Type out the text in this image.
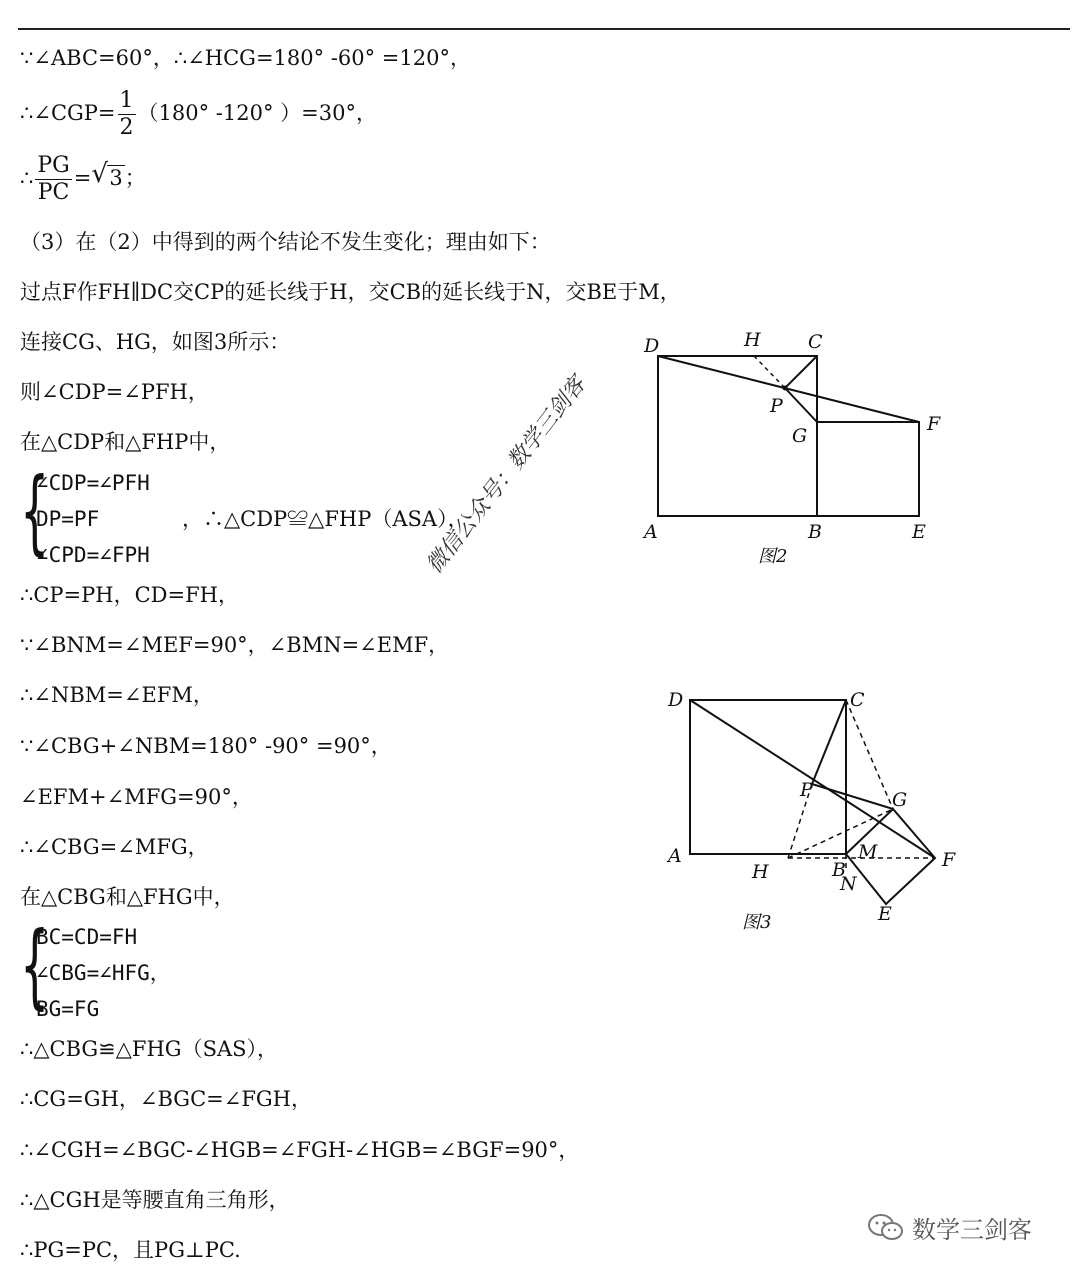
∵∠ABC=60°，∴∠HCG=180° -60° =120°，
∴∠CGP= $\frac{1}{2} (180^\circ$ -120° ）=30°，
∴ $\frac{PG}{PC}$ = √ 3；
（3）在（2）中得到的两个结论不发生变化；理由如下：
过点F作FH∥DC交CP的延长线于H，交CB的延长线于N，交BE于M，
连接CG、HG，如图3所示：
则∠CDP=∠PFH，
在△CDP和△FHP中，
{
∠CDP=∠PFH
DP=PF
∠CPD=∠FPH
，∴△CDP≌△FHP（ASA），
∴CP=PH，CD=FH，
∵∠BNM=∠MEF=90°，∠BMN=∠EMF，
∴∠NBM=∠EFM，
∵∠CBG+∠NBM=180° -90° =90°，
∠EFM+∠MFG=90°，
∴∠CBG=∠MFG，
在△CBG和△FHG中，
{
BC=CD=FH
∠CBG=∠HFG，
BG=FG
∴△CBG≌△FHG（SAS），
∴CG=GH，∠BGC=∠FGH，
∴∠CGH=∠BGC-∠HGB=∠FGH-∠HGB=∠BGF=90°，
∴△CGH是等腰直角三角形，
∴PG=PC，且PG⊥PC.
D	H C
P
G
F
A	B	E
图2
D	C
P	G
A
H	B
M
N
F
E
图3
微信公众号：数学三剑客
数学三剑客
